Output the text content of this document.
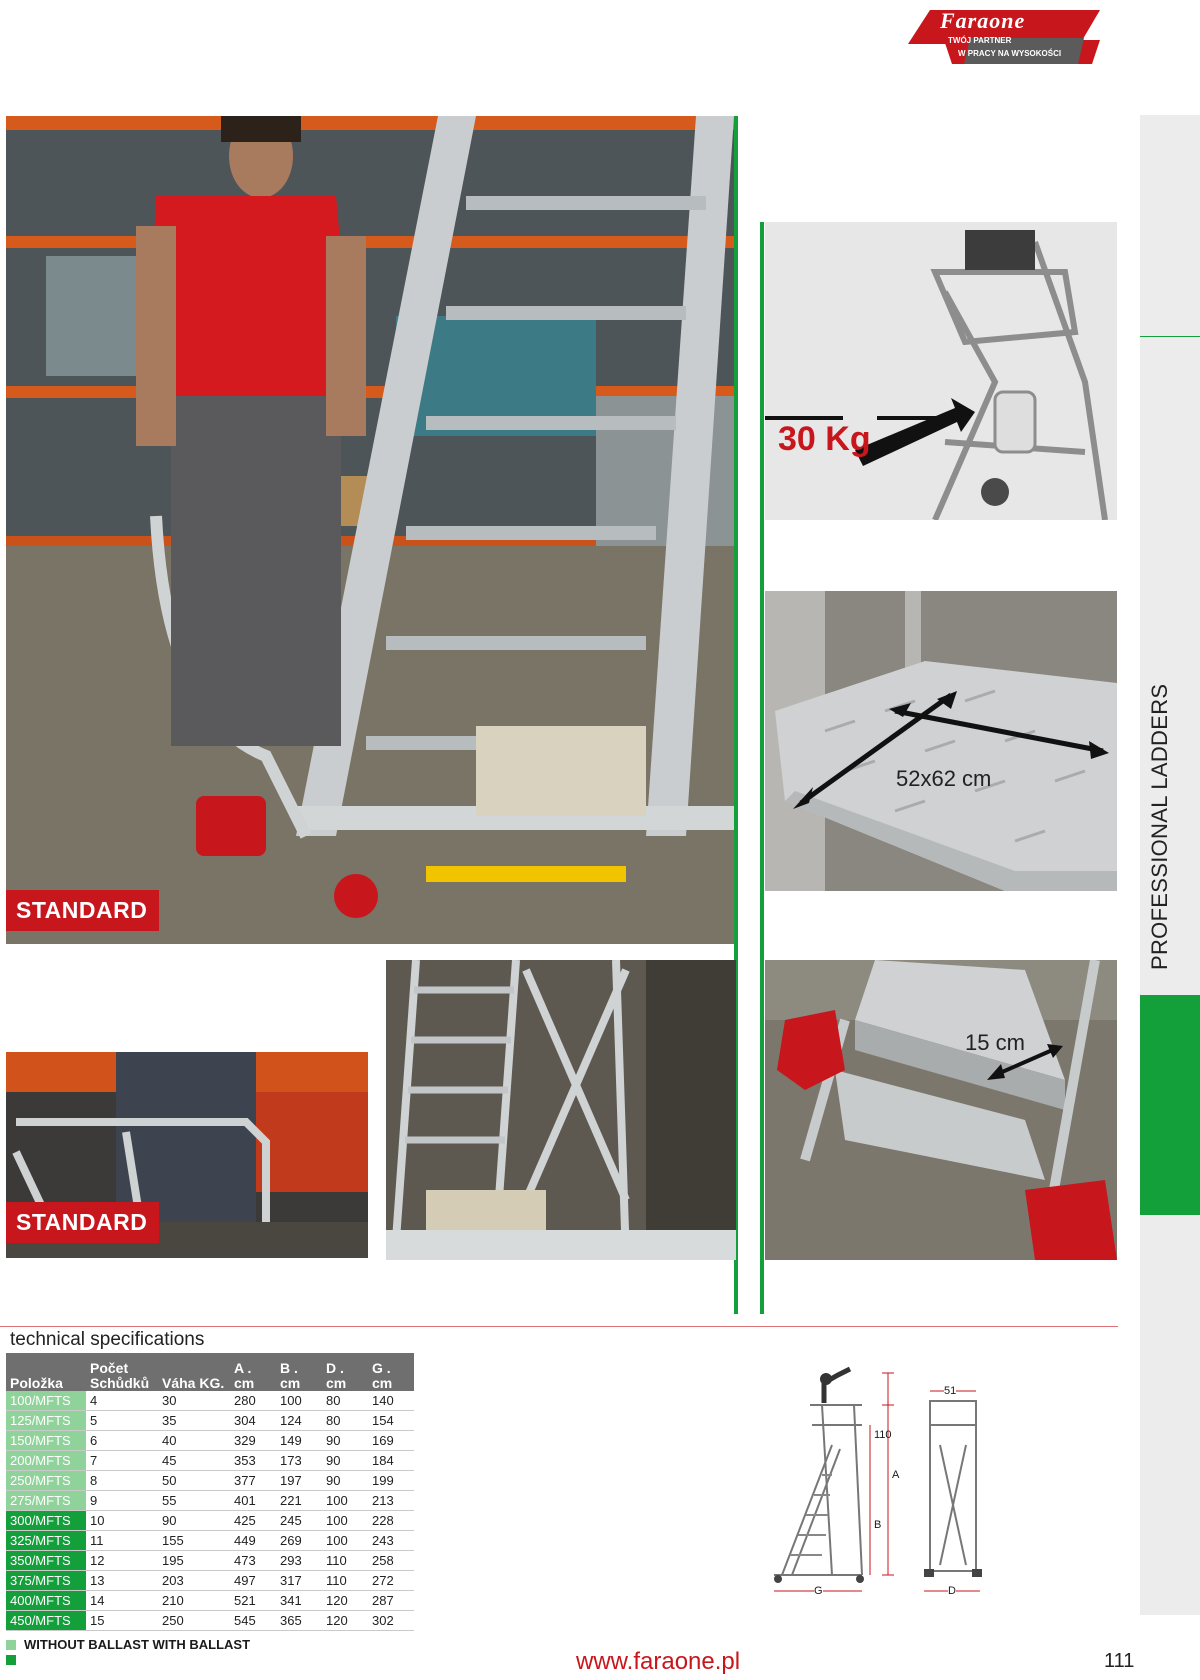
Faraone
TWÓJ PARTNER
W PRACY NA WYSOKOŚCI
PROFESSIONAL LADDERS
STANDARD
30 Kg
52x62 cm
STANDARD
15 cm
technical specifications
Položka	Počet Schůdků	Váha KG.	A . cm	B . cm	D . cm	G . cm
100/MFTS	4	30	280	100	80	140
125/MFTS	5	35	304	124	80	154
150/MFTS	6	40	329	149	90	169
200/MFTS	7	45	353	173	90	184
250/MFTS	8	50	377	197	90	199
275/MFTS	9	55	401	221	100	213
300/MFTS	10	90	425	245	100	228
325/MFTS	11	155	449	269	100	243
350/MFTS	12	195	473	293	110	258
375/MFTS	13	203	497	317	110	272
400/MFTS	14	210	521	341	120	287
450/MFTS	15	250	545	365	120	302
WITHOUT BALLAST WITH BALLAST

110
A
B
G
51
D
www.faraone.pl	111
